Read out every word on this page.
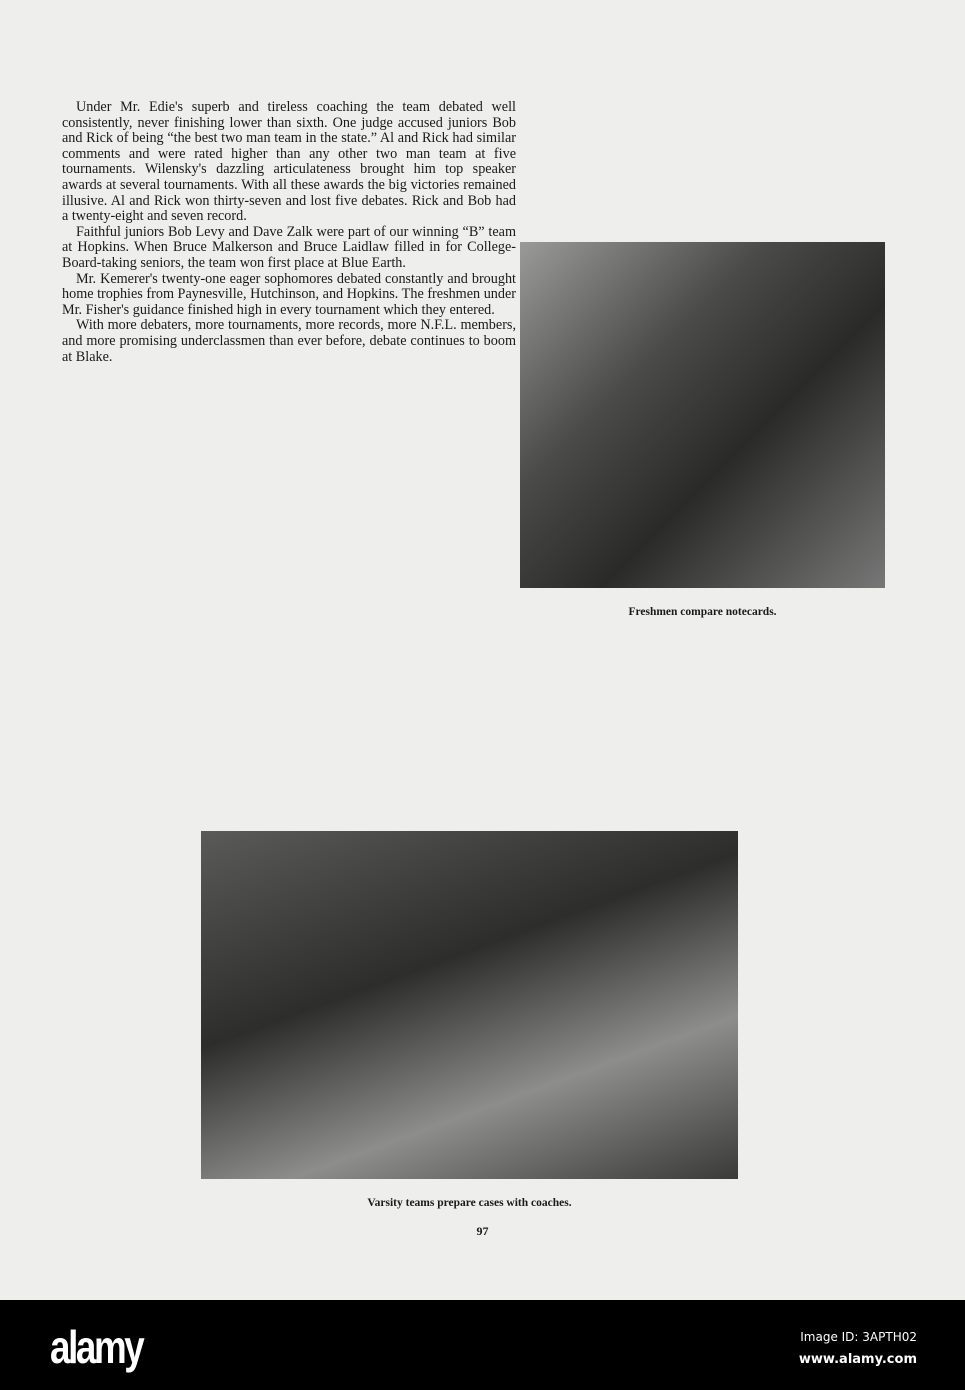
Under Mr. Edie's superb and tireless coaching the team debated well consistently, never finishing lower than sixth. One judge accused juniors Bob and Rick of being “the best two man team in the state.” Al and Rick had similar comments and were rated higher than any other two man team at five tournaments. Wilensky's dazzling articulateness brought him top speaker awards at several tournaments. With all these awards the big victories remained illusive. Al and Rick won thirty-seven and lost five debates. Rick and Bob had a twenty-eight and seven record.

Faithful juniors Bob Levy and Dave Zalk were part of our winning “B” team at Hopkins. When Bruce Malkerson and Bruce Laidlaw filled in for College-Board-taking seniors, the team won first place at Blue Earth.

Mr. Kemerer's twenty-one eager sophomores debated constantly and brought home trophies from Paynesville, Hutchinson, and Hopkins. The freshmen under Mr. Fisher's guidance finished high in every tournament which they entered.

With more debaters, more tournaments, more records, more N.F.L. members, and more promising underclassmen than ever before, debate continues to boom at Blake.

Freshmen compare notecards.
Varsity teams prepare cases with coaches.
97
alamy	Image ID: 3APTH02
www.alamy.com
